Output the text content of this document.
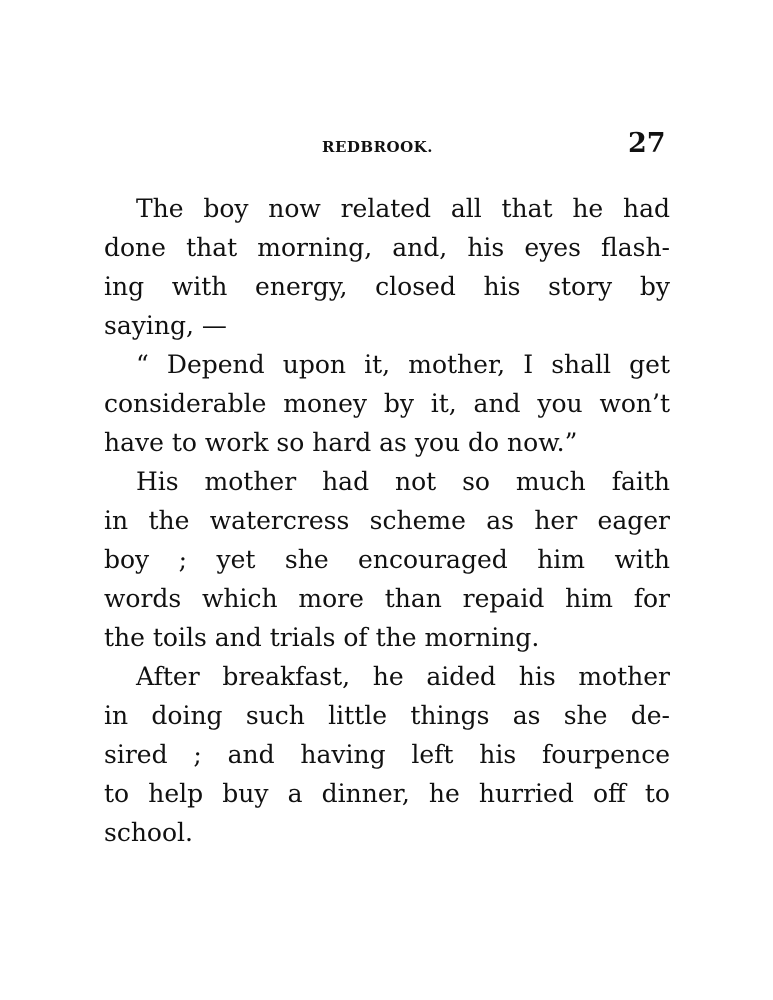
REDBROOK.	27
The boy now related all that he had
done that morning, and, his eyes flash-
ing with energy, closed his story by
saying, —
“ Depend upon it, mother, I shall get
considerable money by it, and you won’t
have to work so hard as you do now.”
His mother had not so much faith
in the watercress scheme as her eager
boy ; yet she encouraged him with
words which more than repaid him for
the toils and trials of the morning.
After breakfast, he aided his mother
in doing such little things as she de-
sired ; and having left his fourpence
to help buy a dinner, he hurried off to
school.
